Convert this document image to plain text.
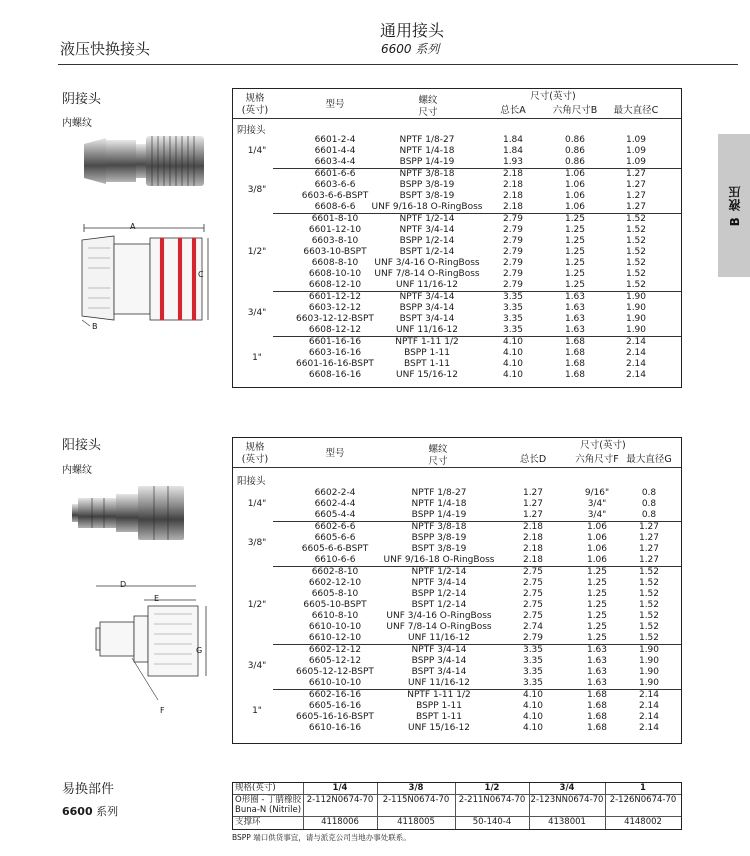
通用接头
6600 系列
液压快换接头
B 液压
阴接头
内螺纹
A
C
B
规格
(英寸)
型号	螺纹
尺寸
尺寸(英寸)
总长A	六角尺寸B	最大直径C
阴接头
1/4"
6601-2-4	NPTF 1/8-27	1.84	0.86	1.09
6601-4-4	NPTF 1/4-18	1.84	0.86	1.09
6603-4-4	BSPP 1/4-19	1.93	0.86	1.09
3/8"
6601-6-6	NPTF 3/8-18	2.18	1.06	1.27
6603-6-6	BSPP 3/8-19	2.18	1.06	1.27
6603-6-6-BSPT	BSPT 3/8-19	2.18	1.06	1.27
6608-6-6	UNF 9/16-18 O-RingBoss	2.18	1.06	1.27
1/2"
6601-8-10	NPTF 1/2-14	2.79	1.25	1.52
6601-12-10	NPTF 3/4-14	2.79	1.25	1.52
6603-8-10	BSPP 1/2-14	2.79	1.25	1.52
6603-10-BSPT	BSPT 1/2-14	2.79	1.25	1.52
6608-8-10	UNF 3/4-16 O-RingBoss	2.79	1.25	1.52
6608-10-10	UNF 7/8-14 O-RingBoss	2.79	1.25	1.52
6608-12-10	UNF 11/16-12	2.79	1.25	1.52
3/4"
6601-12-12	NPTF 3/4-14	3.35	1.63	1.90
6603-12-12	BSPP 3/4-14	3.35	1.63	1.90
6603-12-12-BSPT	BSPT 3/4-14	3.35	1.63	1.90
6608-12-12	UNF 11/16-12	3.35	1.63	1.90
1"
6601-16-16	NPTF 1-11 1/2	4.10	1.68	2.14
6603-16-16	BSPP 1-11	4.10	1.68	2.14
6601-16-16-BSPT	BSPT 1-11	4.10	1.68	2.14
6608-16-16	UNF 15/16-12	4.10	1.68	2.14
阳接头
内螺纹
D
E
G
F
规格
(英寸)
型号	螺纹
尺寸
尺寸(英寸)
总长D	六角尺寸F 最大直径G
阳接头
1/4"
6602-2-4	NPTF 1/8-27	1.27	9/16"	0.8
6602-4-4	NPTF 1/4-18	1.27	3/4"	0.8
6605-4-4	BSPP 1/4-19	1.27	3/4"	0.8
3/8"
6602-6-6	NPTF 3/8-18	2.18	1.06	1.27
6605-6-6	BSPP 3/8-19	2.18	1.06	1.27
6605-6-6-BSPT	BSPT 3/8-19	2.18	1.06	1.27
6610-6-6	UNF 9/16-18 O-RingBoss	2.18	1.06	1.27
1/2"
6602-8-10	NPTF 1/2-14	2.75	1.25	1.52
6602-12-10	NPTF 3/4-14	2.75	1.25	1.52
6605-8-10	BSPP 1/2-14	2.75	1.25	1.52
6605-10-BSPT	BSPT 1/2-14	2.75	1.25	1.52
6610-8-10	UNF 3/4-16 O-RingBoss	2.75	1.25	1.52
6610-10-10	UNF 7/8-14 O-RingBoss	2.74	1.25	1.52
6610-12-10	UNF 11/16-12	2.79	1.25	1.52
3/4"
6602-12-12	NPTF 3/4-14	3.35	1.63	1.90
6605-12-12	BSPP 3/4-14	3.35	1.63	1.90
6605-12-12-BSPT	BSPT 3/4-14	3.35	1.63	1.90
6610-10-10	UNF 11/16-12	3.35	1.63	1.90
1"
6602-16-16	NPTF 1-11 1/2	4.10	1.68	2.14
6605-16-16	BSPP 1-11	4.10	1.68	2.14
6605-16-16-BSPT	BSPT 1-11	4.10	1.68	2.14
6610-16-16	UNF 15/16-12	4.10	1.68	2.14
易换部件
6600 系列
规格(英寸)	1/4	3/8	1/2	3/4	1
O形圈 - 丁腈橡胶 2-112N0674-70	2-115N0674-70	2-211N0674-70 2-123NN0674-70 2-126N0674-70
Buna-N (Nitrile)
支撑环	4118006	4118005	50-140-4	4138001	4148002
BSPP 端口供货事宜，请与派克公司当地办事处联系。
